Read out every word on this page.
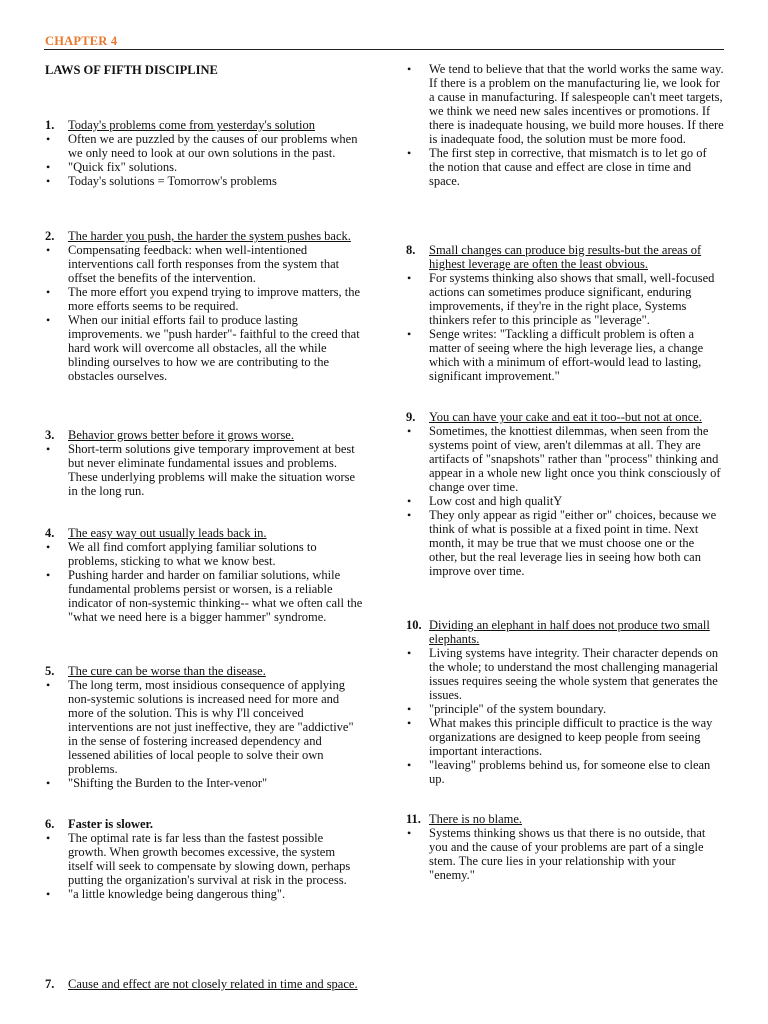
CHAPTER 4
LAWS OF FIFTH DISCIPLINE
1. Today's problems come from yesterday's solution
• Often we are puzzled by the causes of our problems when we only need to look at our own solutions in the past.
• "Quick fix" solutions.
• Today's solutions = Tomorrow's problems
2. The harder you push, the harder the system pushes back.
• Compensating feedback: when well-intentioned interventions call forth responses from the system that offset the benefits of the intervention.
• The more effort you expend trying to improve matters, the more efforts seems to be required.
• When our initial efforts fail to produce lasting improvements. we "push harder"- faithful to the creed that hard work will overcome all obstacles, all the while blinding ourselves to how we are contributing to the obstacles ourselves.
3. Behavior grows better before it grows worse.
• Short-term solutions give temporary improvement at best but never eliminate fundamental issues and problems. These underlying problems will make the situation worse in the long run.
4. The easy way out usually leads back in.
• We all find comfort applying familiar solutions to problems, sticking to what we know best.
• Pushing harder and harder on familiar solutions, while fundamental problems persist or worsen, is a reliable indicator of non-systemic thinking-- what we often call the "what we need here is a bigger hammer" syndrome.
5. The cure can be worse than the disease.
• The long term, most insidious consequence of applying non-systemic solutions is increased need for more and more of the solution. This is why I'll conceived interventions are not just ineffective, they are "addictive" in the sense of fostering increased dependency and lessened abilities of local people to solve their own problems.
• "Shifting the Burden to the Inter-venor"
6. Faster is slower.
• The optimal rate is far less than the fastest possible growth. When growth becomes excessive, the system itself will seek to compensate by slowing down, perhaps putting the organization's survival at risk in the process.
• "a little knowledge being dangerous thing".
7. Cause and effect are not closely related in time and space.
• We tend to believe that that the world works the same way. If there is a problem on the manufacturing lie, we look for a cause in manufacturing. If salespeople can't meet targets, we think we need new sales incentives or promotions. If there is inadequate housing, we build more houses. If there is inadequate food, the solution must be more food.
• The first step in corrective, that mismatch is to let go of the notion that cause and effect are close in time and space.
8. Small changes can produce big results-but the areas of highest leverage are often the least obvious.
• For systems thinking also shows that small, well-focused actions can sometimes produce significant, enduring improvements, if they're in the right place, Systems thinkers refer to this principle as "leverage".
• Senge writes: "Tackling a difficult problem is often a matter of seeing where the high leverage lies, a change which with a minimum of effort-would lead to lasting, significant improvement."
9. You can have your cake and eat it too--but not at once.
• Sometimes, the knottiest dilemmas, when seen from the systems point of view, aren't dilemmas at all. They are artifacts of "snapshots" rather than "process" thinking and appear in a whole new light once you think consciously of change over time.
• Low cost and high qualitY
• They only appear as rigid "either or" choices, because we think of what is possible at a fixed point in time. Next month, it may be true that we must choose one or the other, but the real leverage lies in seeing how both can improve over time.
10. Dividing an elephant in half does not produce two small elephants.
• Living systems have integrity. Their character depends on the whole; to understand the most challenging managerial issues requires seeing the whole system that generates the issues.
• "principle" of the system boundary.
• What makes this principle difficult to practice is the way organizations are designed to keep people from seeing important interactions.
• "leaving" problems behind us, for someone else to clean up.
11. There is no blame.
• Systems thinking shows us that there is no outside, that you and the cause of your problems are part of a single stem. The cure lies in your relationship with your "enemy."
